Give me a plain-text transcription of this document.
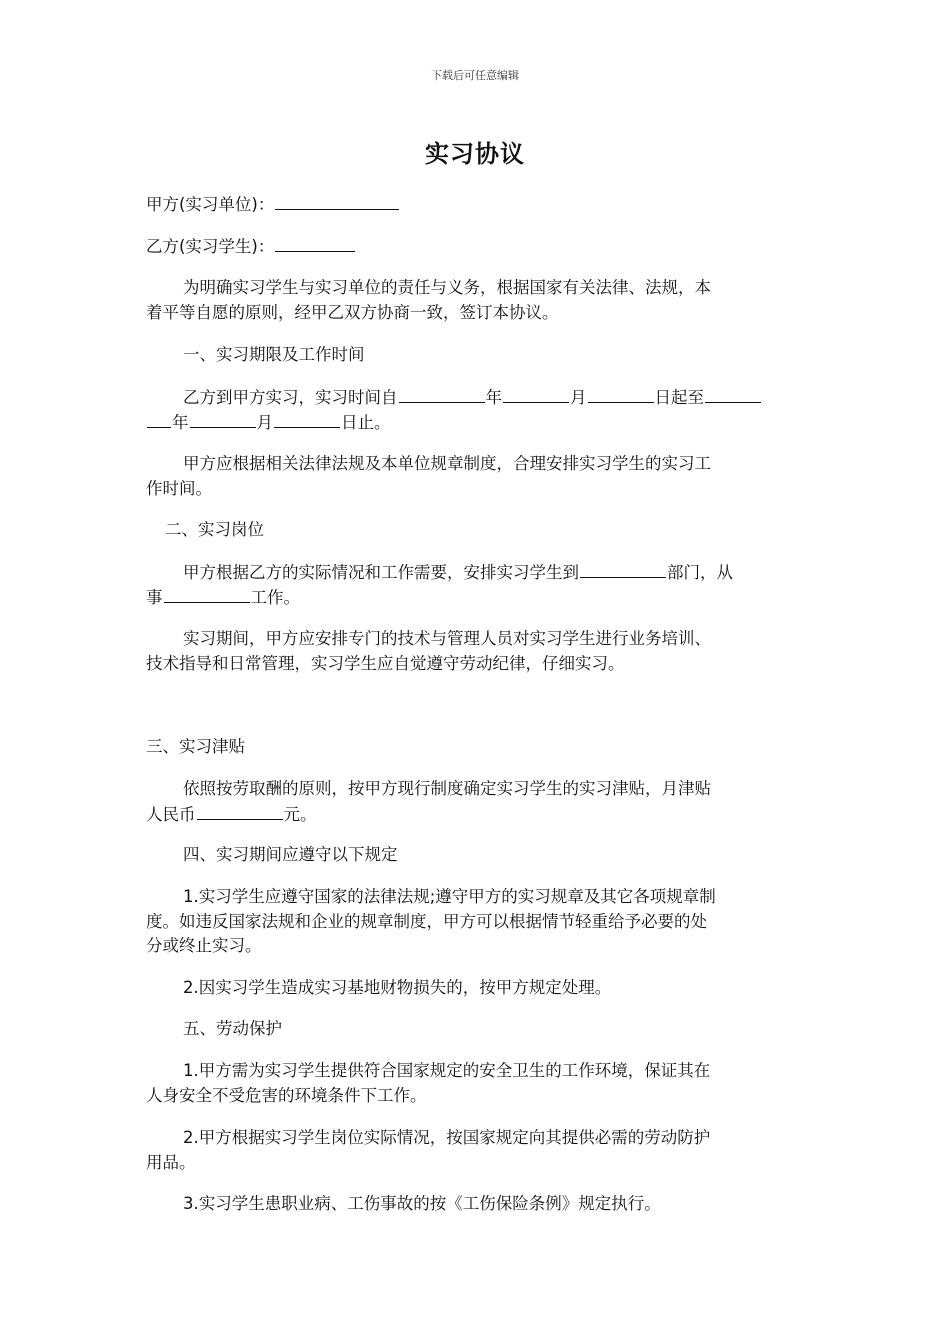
下载后可任意编辑
实习协议
甲方(实习单位)：
乙方(实习学生)：
为明确实习学生与实习单位的责任与义务，根据国家有关法律、法规，本
着平等自愿的原则，经甲乙双方协商一致，签订本协议。
一、实习期限及工作时间
乙方到甲方实习，实习时间自	年	月	日起至
年	月	日止。
甲方应根据相关法律法规及本单位规章制度，合理安排实习学生的实习工
作时间。
二、实习岗位
甲方根据乙方的实际情况和工作需要，安排实习学生到	部门，从
事	工作。
实习期间，甲方应安排专门的技术与管理人员对实习学生进行业务培训、
技术指导和日常管理，实习学生应自觉遵守劳动纪律，仔细实习。
三、实习津贴
依照按劳取酬的原则，按甲方现行制度确定实习学生的实习津贴，月津贴
人民币	元。
四、实习期间应遵守以下规定
1.实习学生应遵守国家的法律法规;遵守甲方的实习规章及其它各项规章制
度。如违反国家法规和企业的规章制度，甲方可以根据情节轻重给予必要的处
分或终止实习。
2.因实习学生造成实习基地财物损失的，按甲方规定处理。
五、劳动保护
1.甲方需为实习学生提供符合国家规定的安全卫生的工作环境，保证其在
人身安全不受危害的环境条件下工作。
2.甲方根据实习学生岗位实际情况，按国家规定向其提供必需的劳动防护
用品。
3.实习学生患职业病、工伤事故的按《工伤保险条例》规定执行。
